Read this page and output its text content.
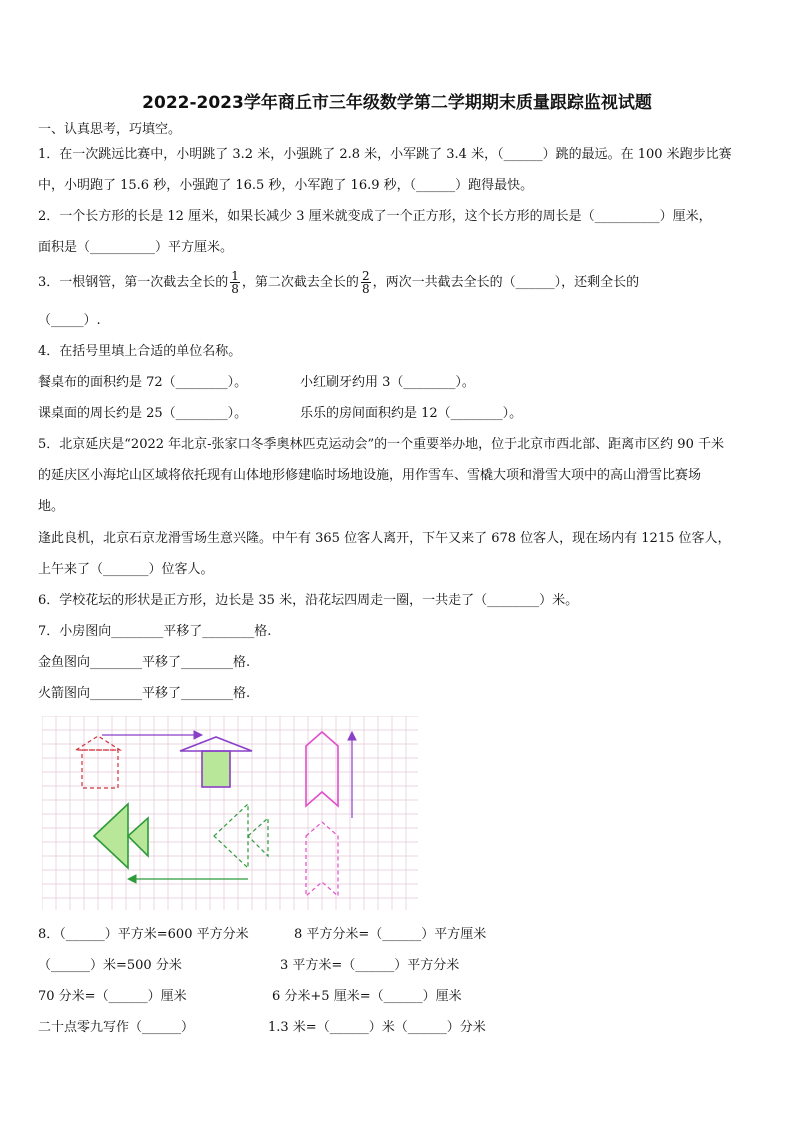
2022-2023学年商丘市三年级数学第二学期期末质量跟踪监视试题
一、认真思考，巧填空。
1．在一次跳远比赛中，小明跳了 3.2 米，小强跳了 2.8 米，小军跳了 3.4 米，（______）跳的最远。在 100 米跑步比赛
中，小明跑了 15.6 秒，小强跑了 16.5 秒，小军跑了 16.9 秒，（______）跑得最快。
2．一个长方形的长是 12 厘米，如果长减少 3 厘米就变成了一个正方形，这个长方形的周长是（__________）厘米，
面积是（__________）平方厘米。
3．一根钢管，第一次截去全长的 $\frac{1}{8}$ ，第二次截去全长的 $\frac{2}{8}$ ，两次一共截去全长的（______），还剩全长的
（_____）.
4．在括号里填上合适的单位名称。
餐桌布的面积约是 72（________）。	小红刷牙约用 3（________）。
课桌面的周长约是 25（________）。	乐乐的房间面积约是 12（________）。
5．北京延庆是“2022 年北京-张家口冬季奥林匹克运动会”的一个重要举办地，位于北京市西北部、距离市区约 90 千米
的延庆区小海坨山区域将依托现有山体地形修建临时场地设施，用作雪车、雪橇大项和滑雪大项中的高山滑雪比赛场
地。
逢此良机，北京石京龙滑雪场生意兴隆。中午有 365 位客人离开，下午又来了 678 位客人，现在场内有 1215 位客人，
上午来了（_______）位客人。
6．学校花坛的形状是正方形，边长是 35 米，沿花坛四周走一圈，一共走了（________）米。
7．小房图向________平移了________格.
金鱼图向________平移了________格.
火箭图向________平移了________格.
8．（______）平方米=600 平方分米	8 平方分米=（______）平方厘米
（______）米=500 分米	3 平方米=（______）平方分米
70 分米=（______）厘米	6 分米+5 厘米=（______）厘米
二十点零九写作（______）	1.3 米=（______）米（______）分米
